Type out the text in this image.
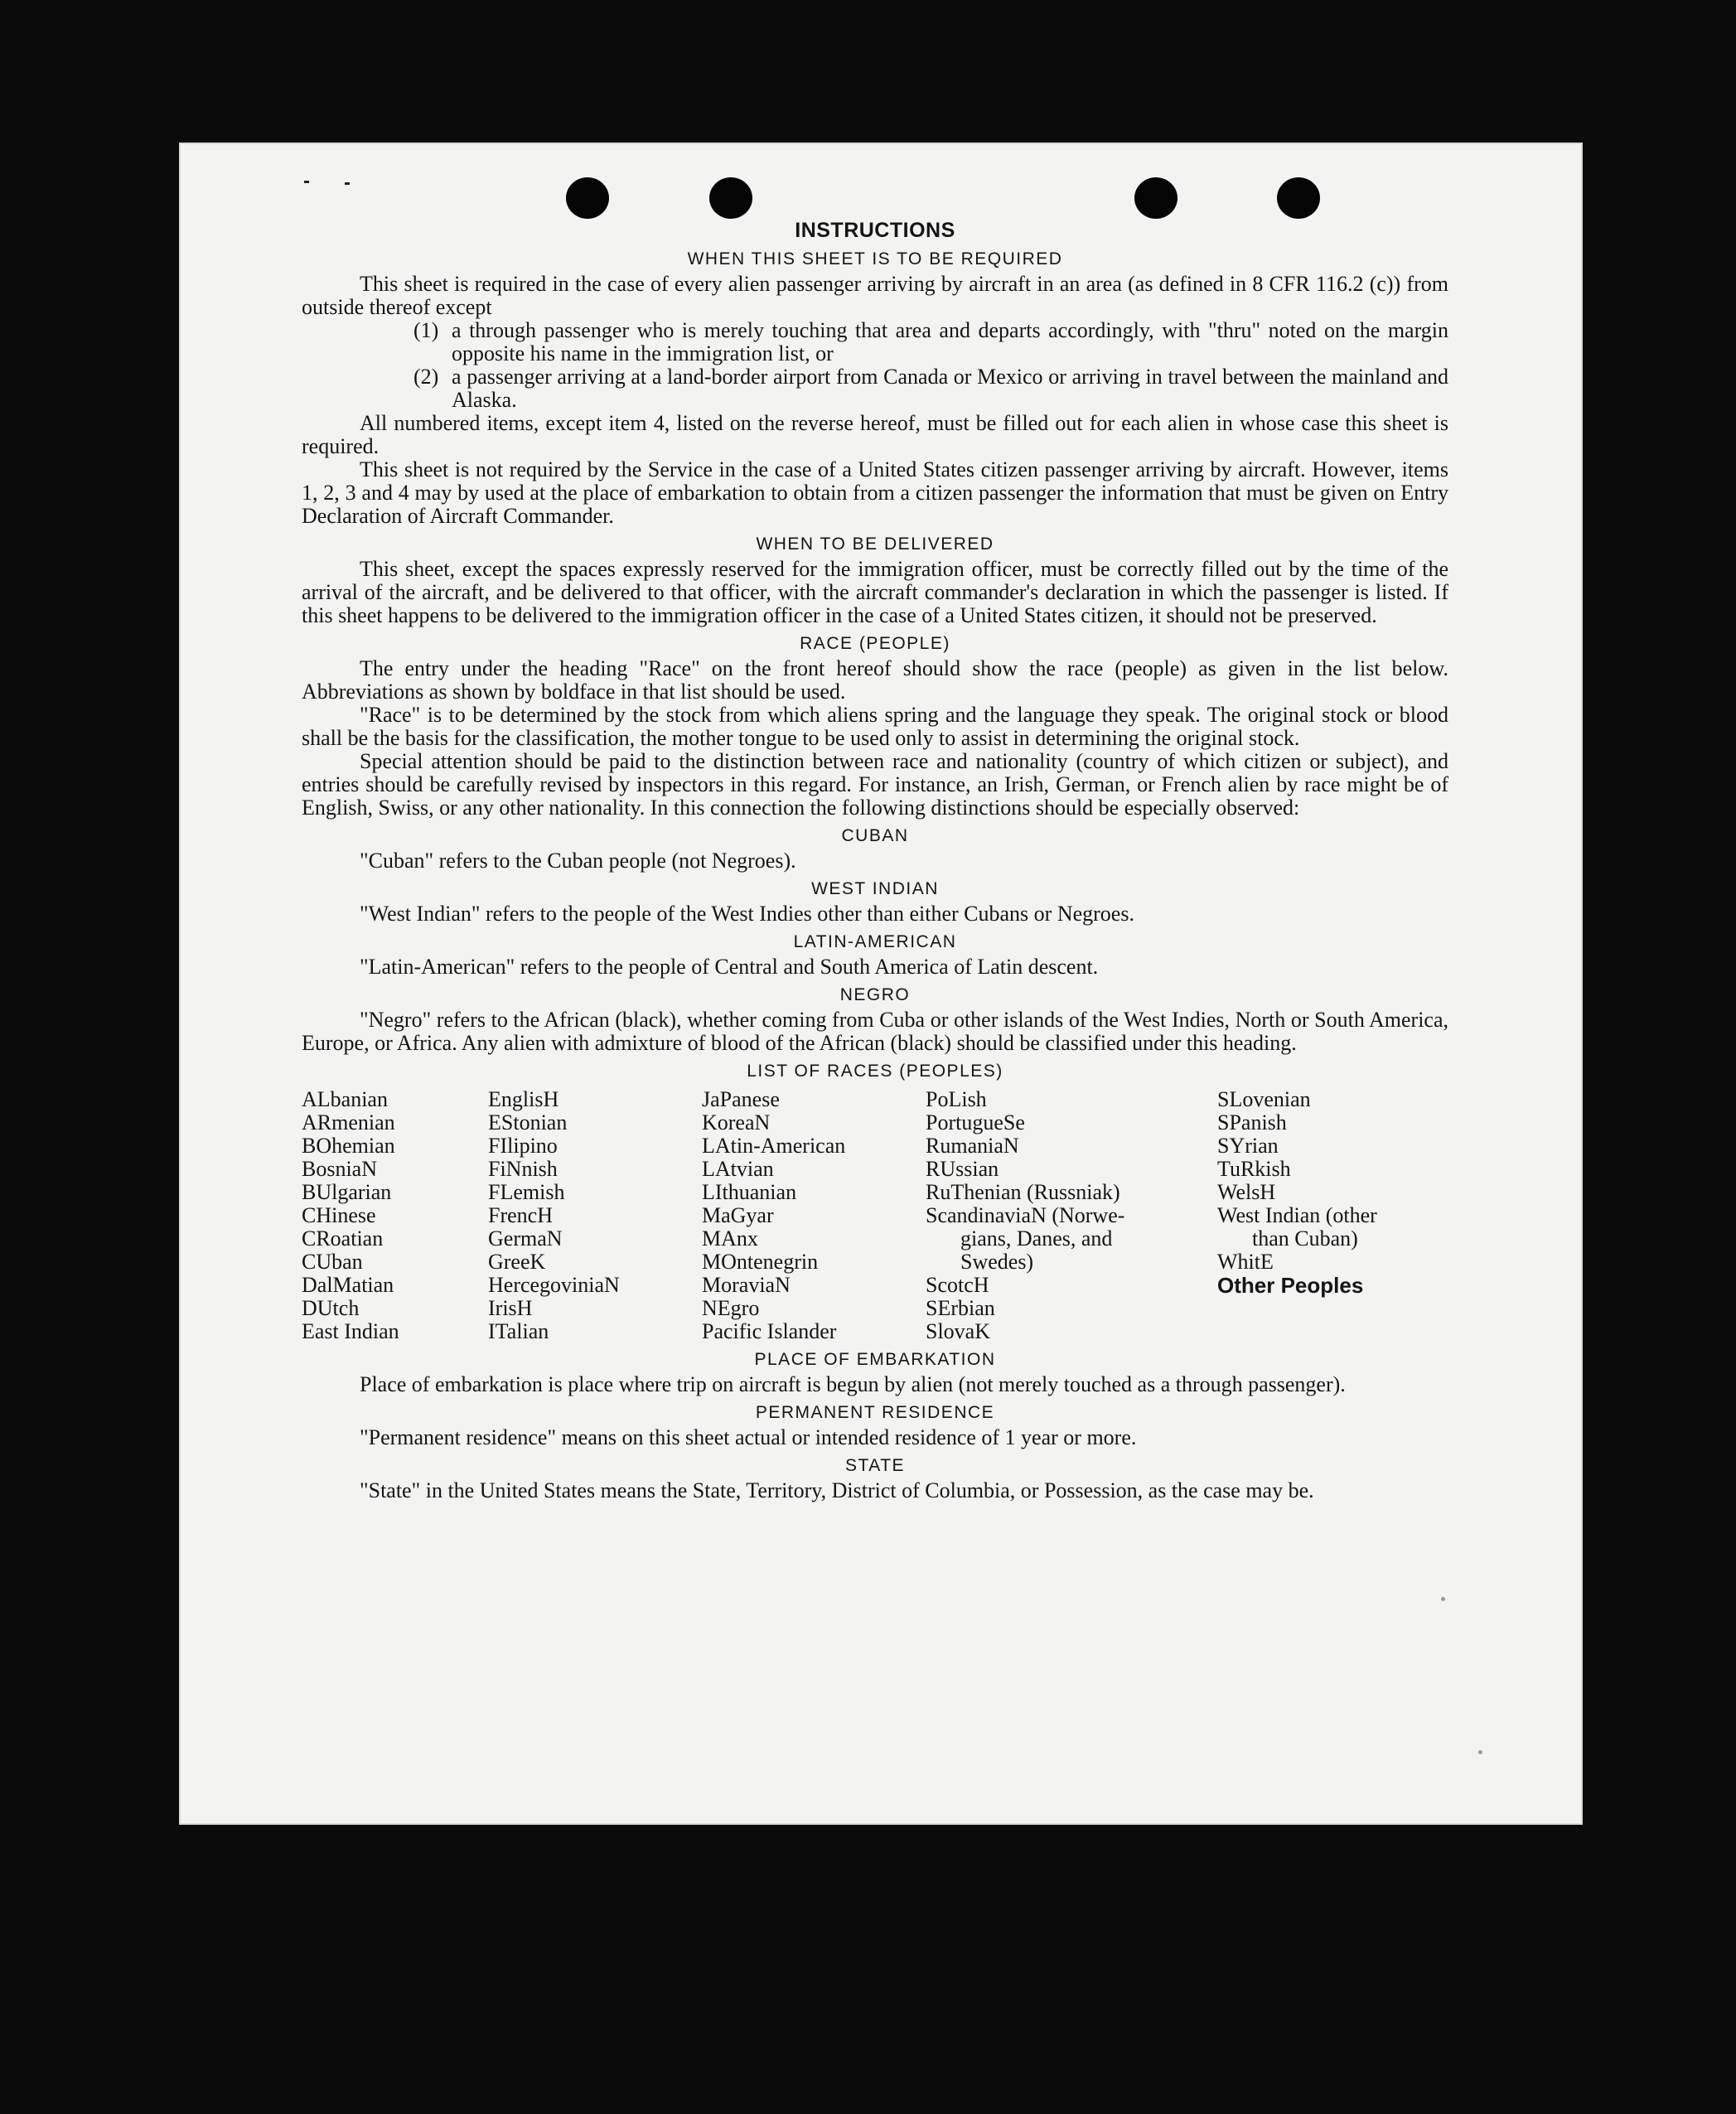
INSTRUCTIONS
WHEN THIS SHEET IS TO BE REQUIRED

This sheet is required in the case of every alien passenger arriving by aircraft in an area (as defined in 8 CFR 116.2 (c)) from outside thereof except

(1) a through passenger who is merely touching that area and departs accordingly, with "thru" noted on the margin opposite his name in the immigration list, or
(2) a passenger arriving at a land-border airport from Canada or Mexico or arriving in travel between the mainland and Alaska.

All numbered items, except item 4, listed on the reverse hereof, must be filled out for each alien in whose case this sheet is required.

This sheet is not required by the Service in the case of a United States citizen passenger arriving by aircraft. However, items 1, 2, 3 and 4 may by used at the place of embarkation to obtain from a citizen passenger the information that must be given on Entry Declaration of Aircraft Commander.

WHEN TO BE DELIVERED

This sheet, except the spaces expressly reserved for the immigration officer, must be correctly filled out by the time of the arrival of the aircraft, and be delivered to that officer, with the aircraft commander's declaration in which the passenger is listed. If this sheet happens to be delivered to the immigration officer in the case of a United States citizen, it should not be preserved.

RACE (PEOPLE)

The entry under the heading "Race" on the front hereof should show the race (people) as given in the list below. Abbreviations as shown by boldface in that list should be used.

"Race" is to be determined by the stock from which aliens spring and the language they speak. The original stock or blood shall be the basis for the classification, the mother tongue to be used only to assist in determining the original stock.

Special attention should be paid to the distinction between race and nationality (country of which citizen or subject), and entries should be carefully revised by inspectors in this regard. For instance, an Irish, German, or French alien by race might be of English, Swiss, or any other nationality. In this connection the following distinctions should be especially observed:

CUBAN

"Cuban" refers to the Cuban people (not Negroes).

WEST INDIAN

"West Indian" refers to the people of the West Indies other than either Cubans or Negroes.

LATIN-AMERICAN

"Latin-American" refers to the people of Central and South America of Latin descent.

NEGRO

"Negro" refers to the African (black), whether coming from Cuba or other islands of the West Indies, North or South America, Europe, or Africa. Any alien with admixture of blood of the African (black) should be classified under this heading.

LIST OF RACES (PEOPLES)
ALbanian
ARmenian
BOhemian
BosniaN
BUlgarian
CHinese
CRoatian
CUban
DalMatian
DUtch
East Indian
EnglisH
EStonian
FIlipino
FiNnish
FLemish
FrencH
GermaN
GreeK
HercegoviniaN
IrisH
ITalian
JaPanese
KoreaN
LAtin-American
LAtvian
LIthuanian
MaGyar
MAnx
MOntenegrin
MoraviaN
NEgro
Pacific Islander
PoLish
PortugueSe
RumaniaN
RUssian
RuThenian (Russniak)
ScandinaviaN (Norwe-
gians, Danes, and
Swedes)
ScotcH
SErbian
SlovaK
SLovenian
SPanish
SYrian
TuRkish
WelsH
West Indian (other
than Cuban)
WhitE
Other Peoples
PLACE OF EMBARKATION

Place of embarkation is place where trip on aircraft is begun by alien (not merely touched as a through passenger).

PERMANENT RESIDENCE

"Permanent residence" means on this sheet actual or intended residence of 1 year or more.

STATE

"State" in the United States means the State, Territory, District of Columbia, or Possession, as the case may be.
